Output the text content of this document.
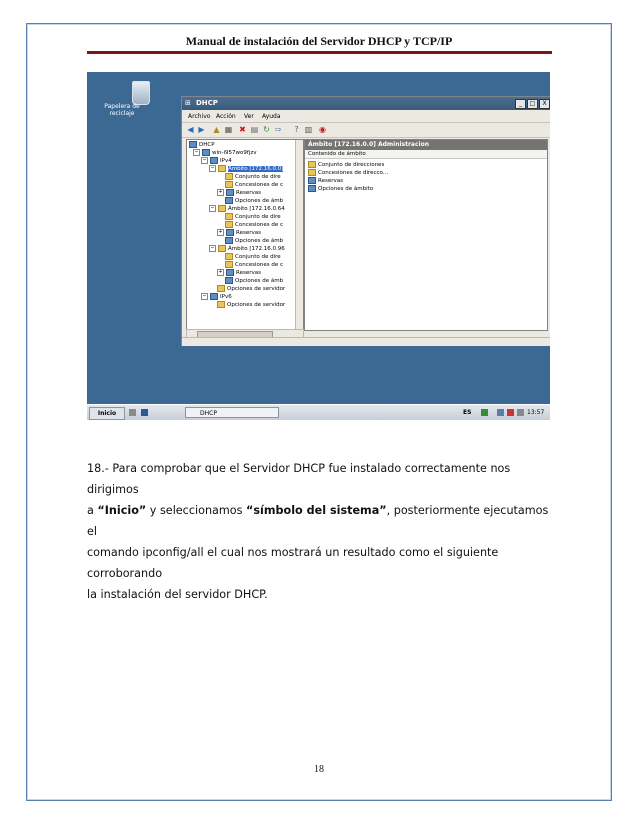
Manual de instalación del Servidor DHCP y TCP/IP
Papelera de
reciclaje
⊞ DHCP	_	□	X
Archivo Acción Ver Ayuda
◀ ▶ ▲ ▦ ✖ ▤ ↻ ⇨ ? ▥ ◉
DHCP
− win-i957wo9fjzv
− IPv4
− Ámbito [172.16.0.0]
Conjunto de dire
Concesiones de c
+ Reservas
Opciones de ámb
− Ámbito [172.16.0.64
Conjunto de dire
Concesiones de c
+ Reservas
Opciones de ámb
− Ámbito [172.16.0.96
Conjunto de dire
Concesiones de c
+ Reservas
Opciones de ámb
Opciones de servidor
− IPv6
Opciones de servidor
Ámbito [172.16.0.0] Administracion
Contenido de ámbito
Conjunto de direcciones
Concesiones de direcco...
Reservas
Opciones de ámbito
Inicio	DHCP	ES	13:57

18.- Para comprobar que el Servidor DHCP fue instalado correctamente nos dirigimos

a “Inicio” y seleccionamos “símbolo del sistema”, posteriormente ejecutamos el

comando ipconfig/all el cual nos mostrará un resultado como el siguiente corroborando

la instalación del servidor DHCP.

18
